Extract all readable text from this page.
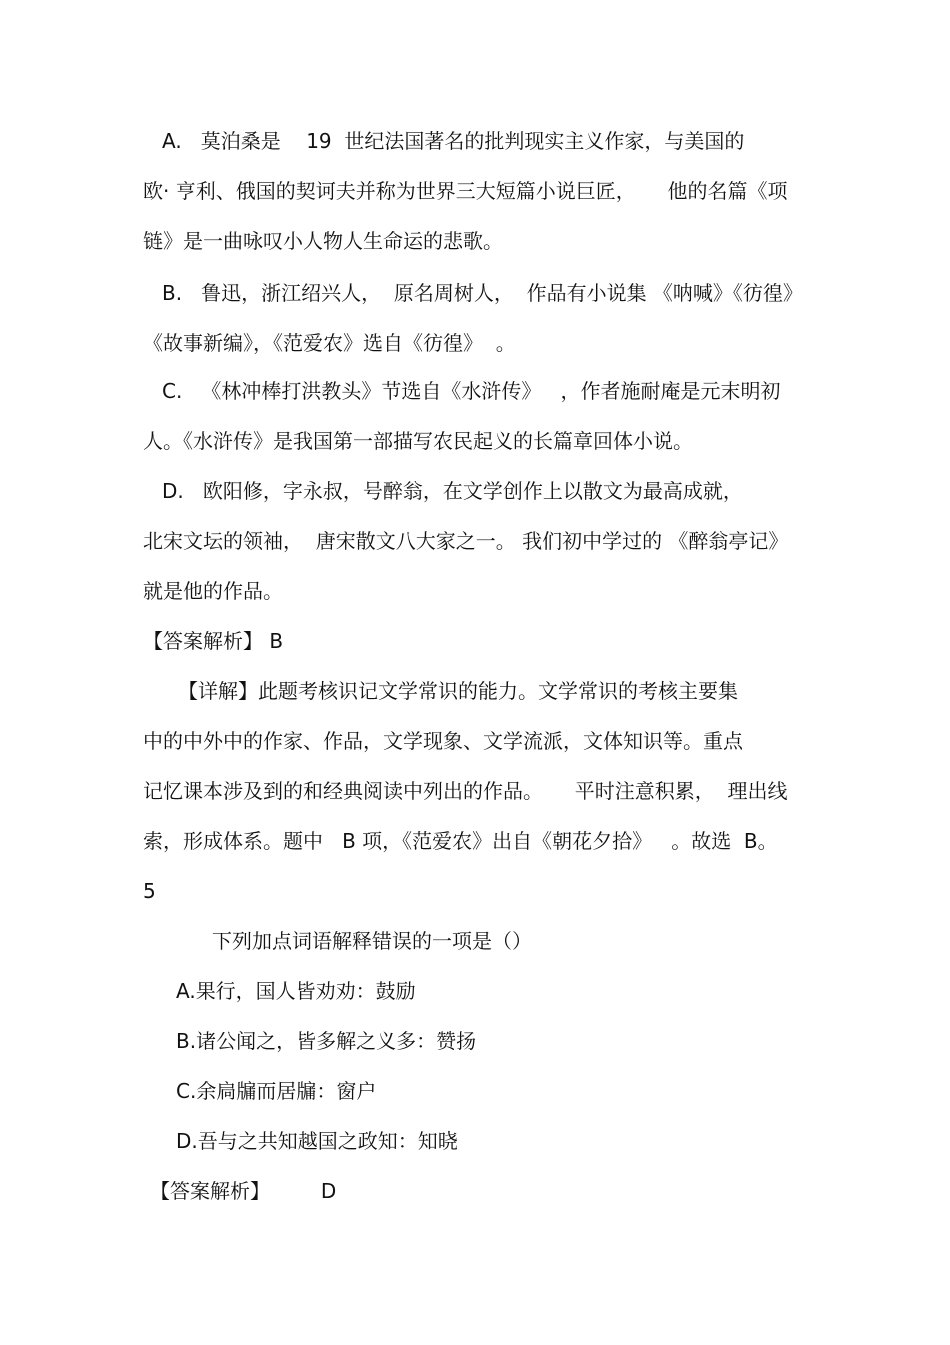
A.   莫泊桑是    19  世纪法国著名的批判现实主义作家，与美国的
欧· 亨利、俄国的契诃夫并称为世界三大短篇小说巨匠，     他的名篇《项
链》是一曲咏叹小人物人生命运的悲歌。
B.   鲁迅，浙江绍兴人，  原名周树人，  作品有小说集 《呐喊》《彷徨》
《故事新编》，《范爱农》选自《彷徨》  。
C.   《林冲棒打洪教头》节选自《水浒传》   ，作者施耐庵是元末明初
人。《水浒传》是我国第一部描写农民起义的长篇章回体小说。
D.   欧阳修，字永叔，号醉翁，在文学创作上以散文为最高成就，
北宋文坛的领袖，  唐宋散文八大家之一。 我们初中学过的 《醉翁亭记》
就是他的作品。
【答案解析】 B
【详解】此题考核识记文学常识的能力。文学常识的考核主要集
中的中外中的作家、作品，文学现象、文学流派，文体知识等。重点
记忆课本涉及到的和经典阅读中列出的作品。     平时注意积累，  理出线
索，形成体系。题中   B 项，《范爱农》出自《朝花夕拾》   。故选  B。
5
下列加点词语解释错误的一项是（）
A.果行，国人皆劝劝：鼓励
B.诸公闻之，皆多解之义多：赞扬
C.余扃牖而居牖：窗户
D.吾与之共知越国之政知：知晓
【答案解析】        D
